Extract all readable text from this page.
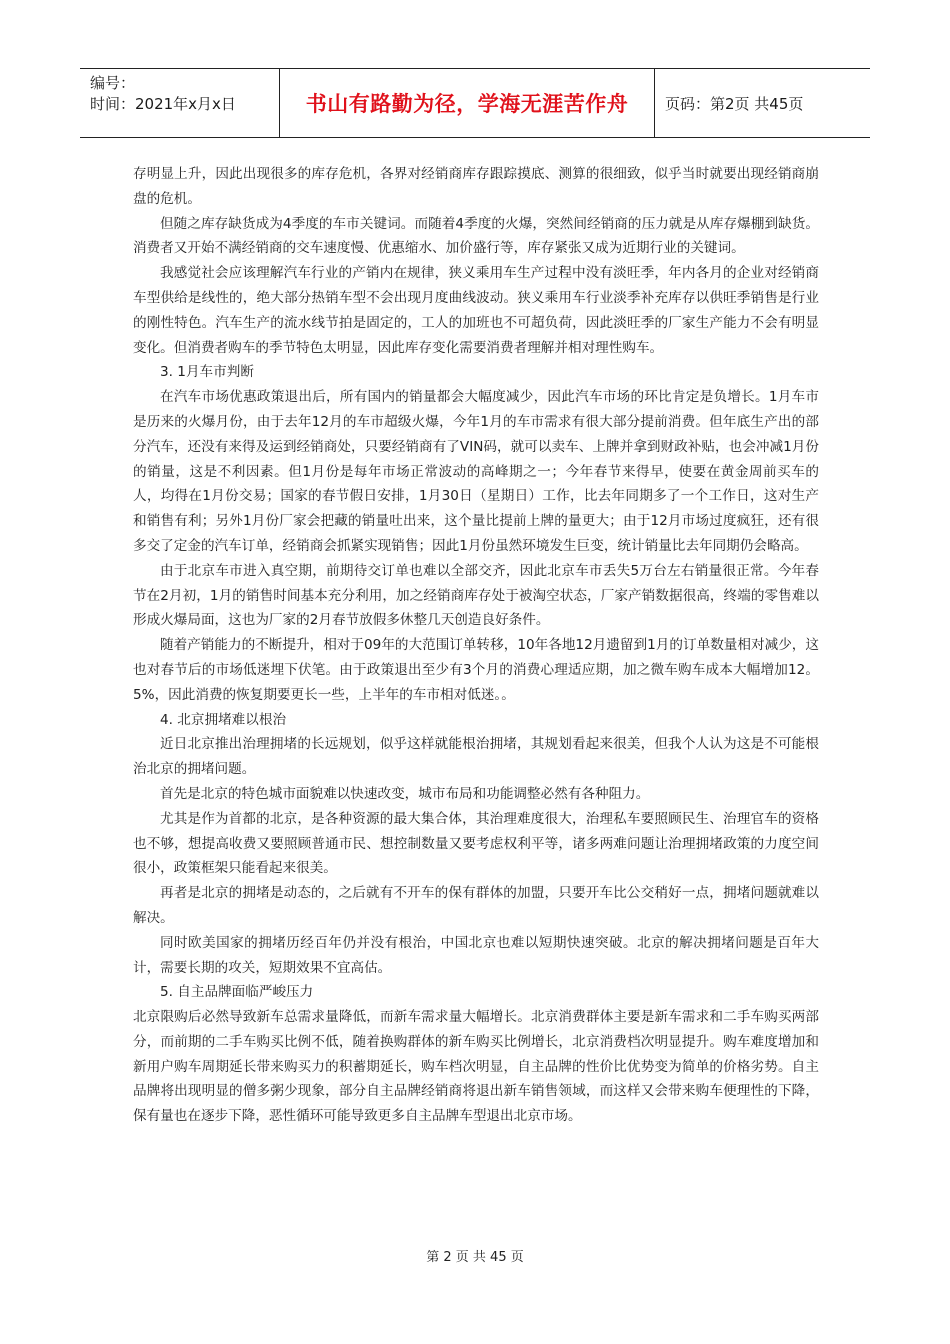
编号：
时间：2021年x月x日	书山有路勤为径，学海无涯苦作舟	页码：第2页 共45页

存明显上升，因此出现很多的库存危机，各界对经销商库存跟踪摸底、测算的很细致，似乎当时就要出现经销商崩盘的危机。

但随之库存缺货成为4季度的车市关键词。而随着4季度的火爆，突然间经销商的压力就是从库存爆棚到缺货。消费者又开始不满经销商的交车速度慢、优惠缩水、加价盛行等，库存紧张又成为近期行业的关键词。

我感觉社会应该理解汽车行业的产销内在规律，狭义乘用车生产过程中没有淡旺季，年内各月的企业对经销商车型供给是线性的，绝大部分热销车型不会出现月度曲线波动。狭义乘用车行业淡季补充库存以供旺季销售是行业的刚性特色。汽车生产的流水线节拍是固定的，工人的加班也不可超负荷，因此淡旺季的厂家生产能力不会有明显变化。但消费者购车的季节特色太明显，因此库存变化需要消费者理解并相对理性购车。

3. 1月车市判断

在汽车市场优惠政策退出后，所有国内的销量都会大幅度减少，因此汽车市场的环比肯定是负增长。1月车市是历来的火爆月份，由于去年12月的车市超级火爆，今年1月的车市需求有很大部分提前消费。但年底生产出的部分汽车，还没有来得及运到经销商处，只要经销商有了VIN码，就可以卖车、上牌并拿到财政补贴，也会冲减1月份的销量，这是不利因素。但1月份是每年市场正常波动的高峰期之一；今年春节来得早，使要在黄金周前买车的人，均得在1月份交易；国家的春节假日安排，1月30日（星期日）工作，比去年同期多了一个工作日，这对生产和销售有利；另外1月份厂家会把藏的销量吐出来，这个量比提前上牌的量更大；由于12月市场过度疯狂，还有很多交了定金的汽车订单，经销商会抓紧实现销售；因此1月份虽然环境发生巨变，统计销量比去年同期仍会略高。

由于北京车市进入真空期，前期待交订单也难以全部交齐，因此北京车市丢失5万台左右销量很正常。今年春节在2月初，1月的销售时间基本充分利用，加之经销商库存处于被淘空状态，厂家产销数据很高，终端的零售难以形成火爆局面，这也为厂家的2月春节放假多休整几天创造良好条件。

随着产销能力的不断提升，相对于09年的大范围订单转移，10年各地12月遗留到1月的订单数量相对减少，这也对春节后的市场低迷埋下伏笔。由于政策退出至少有3个月的消费心理适应期，加之微车购车成本大幅增加12。5%，因此消费的恢复期要更长一些，上半年的车市相对低迷。。

4. 北京拥堵难以根治

近日北京推出治理拥堵的长远规划，似乎这样就能根治拥堵，其规划看起来很美，但我个人认为这是不可能根治北京的拥堵问题。

首先是北京的特色城市面貌难以快速改变，城市布局和功能调整必然有各种阻力。

尤其是作为首都的北京，是各种资源的最大集合体，其治理难度很大，治理私车要照顾民生、治理官车的资格也不够，想提高收费又要照顾普通市民、想控制数量又要考虑权利平等，诸多两难问题让治理拥堵政策的力度空间很小，政策框架只能看起来很美。

再者是北京的拥堵是动态的，之后就有不开车的保有群体的加盟，只要开车比公交稍好一点，拥堵问题就难以解决。

同时欧美国家的拥堵历经百年仍并没有根治，中国北京也难以短期快速突破。北京的解决拥堵问题是百年大计，需要长期的攻关，短期效果不宜高估。

5. 自主品牌面临严峻压力

北京限购后必然导致新车总需求量降低，而新车需求量大幅增长。北京消费群体主要是新车需求和二手车购买两部分，而前期的二手车购买比例不低，随着换购群体的新车购买比例增长，北京消费档次明显提升。购车难度增加和新用户购车周期延长带来购买力的积蓄期延长，购车档次明显，自主品牌的性价比优势变为简单的价格劣势。自主品牌将出现明显的僧多粥少现象，部分自主品牌经销商将退出新车销售领域，而这样又会带来购车便理性的下降，保有量也在逐步下降，恶性循环可能导致更多自主品牌车型退出北京市场。

第 2 页 共 45 页
